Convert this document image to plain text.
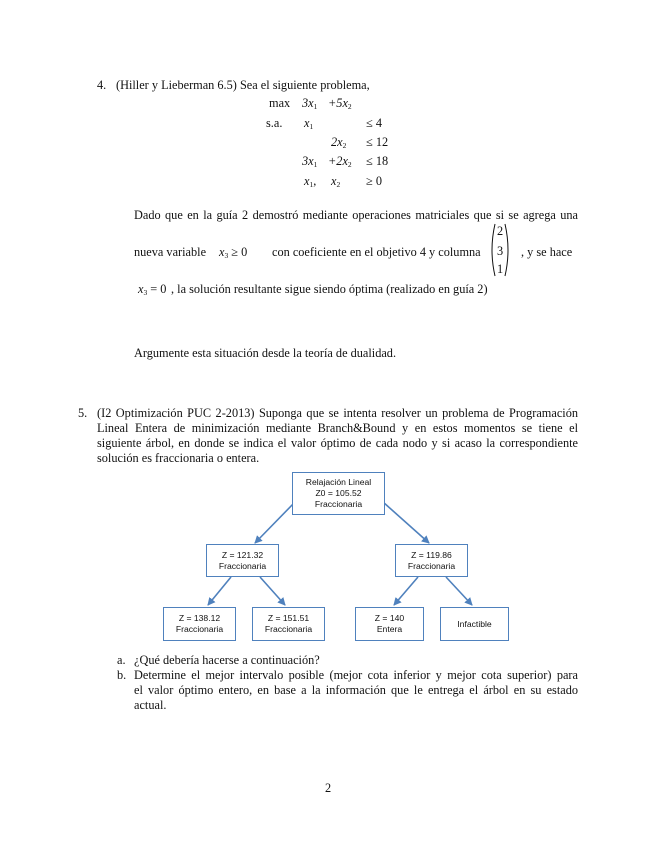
4. (Hiller y Lieberman 6.5) Sea el siguiente problema,
max
s.a.
$3x_1 +5x_2$
$x_1$	≤ 4
$2x_2 \le 12$
$3x_1 +2x_2 \le 18$
$x_1$, $x_2 \ge 0$
Dado que en la guía 2 demostró mediante operaciones matriciales que si se agrega una
nueva variable $x_3 \ge 0$ con coeficiente en el objetivo 4 y columna
2
3
1
, y se hace
$x_3 = 0$ , la solución resultante sigue siendo óptima (realizado en guía 2)
Argumente esta situación desde la teoría de dualidad.
5. (I2 Optimización PUC 2-2013) Suponga que se intenta resolver un problema de Programación
Lineal Entera de minimización mediante Branch&Bound y en estos momentos se tiene el
siguiente árbol, en donde se indica el valor óptimo de cada nodo y si acaso la correspondiente
solución es fraccionaria o entera.
Relajación Lineal
Z0 = 105.52
Fraccionaria
Z = 121.32
Fraccionaria
Z = 119.86
Fraccionaria
Z = 138.12
Fraccionaria
Z = 151.51
Fraccionaria
Z = 140
Entera
Infactible
a. ¿Qué debería hacerse a continuación?
b. Determine el mejor intervalo posible (mejor cota inferior y mejor cota superior) para
el valor óptimo entero, en base a la información que le entrega el árbol en su estado
actual.
2
